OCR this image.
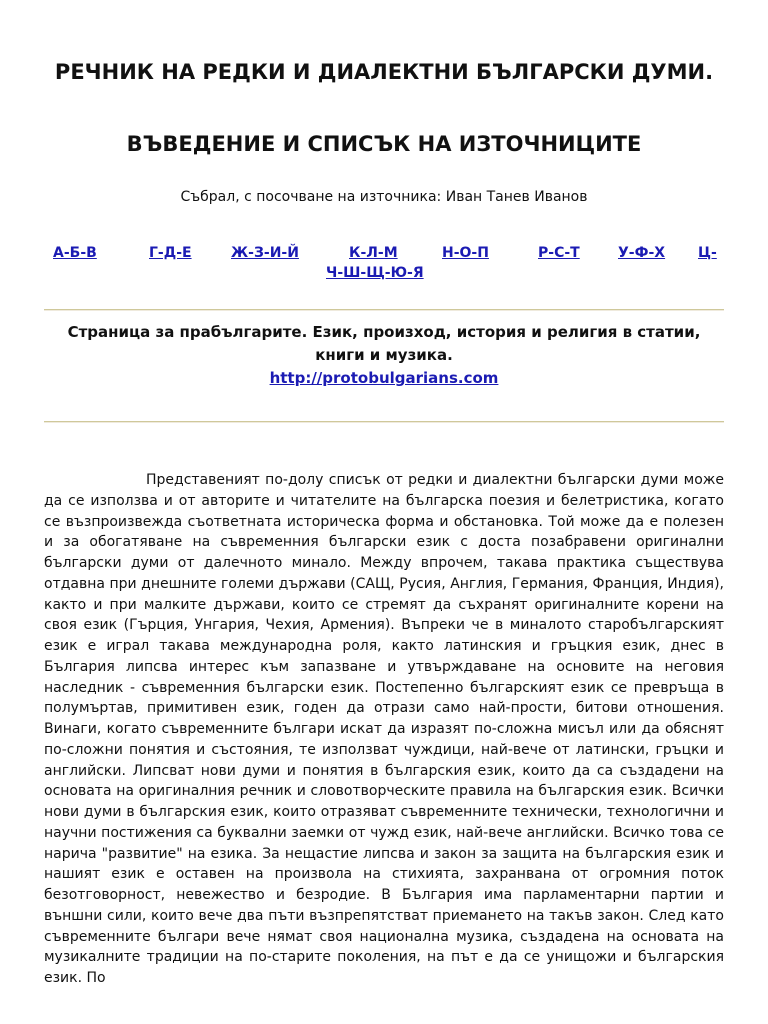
РЕЧНИК НА РЕДКИ И ДИАЛЕКТНИ БЪЛГАРСКИ ДУМИ.
ВЪВЕДЕНИЕ И СПИСЪК НА ИЗТОЧНИЦИТЕ
Събрал, с посочване на източника: Иван Танев Иванов
А-Б-В	Г-Д-Е	Ж-З-И-Й	К-Л-М	Н-О-П	Р-С-Т	У-Ф-Х Ц-
Ч-Ш-Щ-Ю-Я
Страница за прабългарите. Език, произход, история и религия в статии, книги и музика.
http://protobulgarians.com

Представеният по-долу списък от редки и диалектни български думи може да се използва и от авторите и читателите на българска поезия и белетристика, когато се възпроизвежда съответната историческа форма и обстановка. Той може да е полезен и за обогатяване на съвременния български език с доста позабравени оригинални български думи от далечното минало. Между впрочем, такава практика съществува отдавна при днешните големи държави (САЩ, Русия, Англия, Германия, Франция, Индия), както и при малките държави, които се стремят да съхранят оригиналните корени на своя език (Гърция, Унгария, Чехия, Армения). Въпреки че в миналото старобългарският език е играл такава международна роля, както латинския и гръцкия език, днес в България липсва интерес към запазване и утвърждаване на основите на неговия наследник - съвременния български език. Постепенно българският език се превръща в полумъртав, примитивен език, годен да отрази само най-прости, битови отношения. Винаги, когато съвременните българи искат да изразят по-сложна мисъл или да обяснят по-сложни понятия и състояния, те използват чуждици, най-вече от латински, гръцки и английски. Липсват нови думи и понятия в българския език, които да са създадени на основата на оригиналния речник и словотворческите правила на българския език. Всички нови думи в българския език, които отразяват съвременните технически, технологични и научни постижения са буквални заемки от чужд език, най-вече английски. Всичко това се нарича "развитие" на езика. За нещастие липсва и закон за защита на българския език и нашият език е оставен на произвола на стихията, захранвана от огромния поток безотговорност, невежество и безродие. В България има парламентарни партии и външни сили, които вече два пъти възпрепятстват приемането на такъв закон. След като съвременните българи вече нямат своя национална музика, създадена на основата на музикалните традиции на по-старите поколения, на път е да се унищожи и българския език. По
